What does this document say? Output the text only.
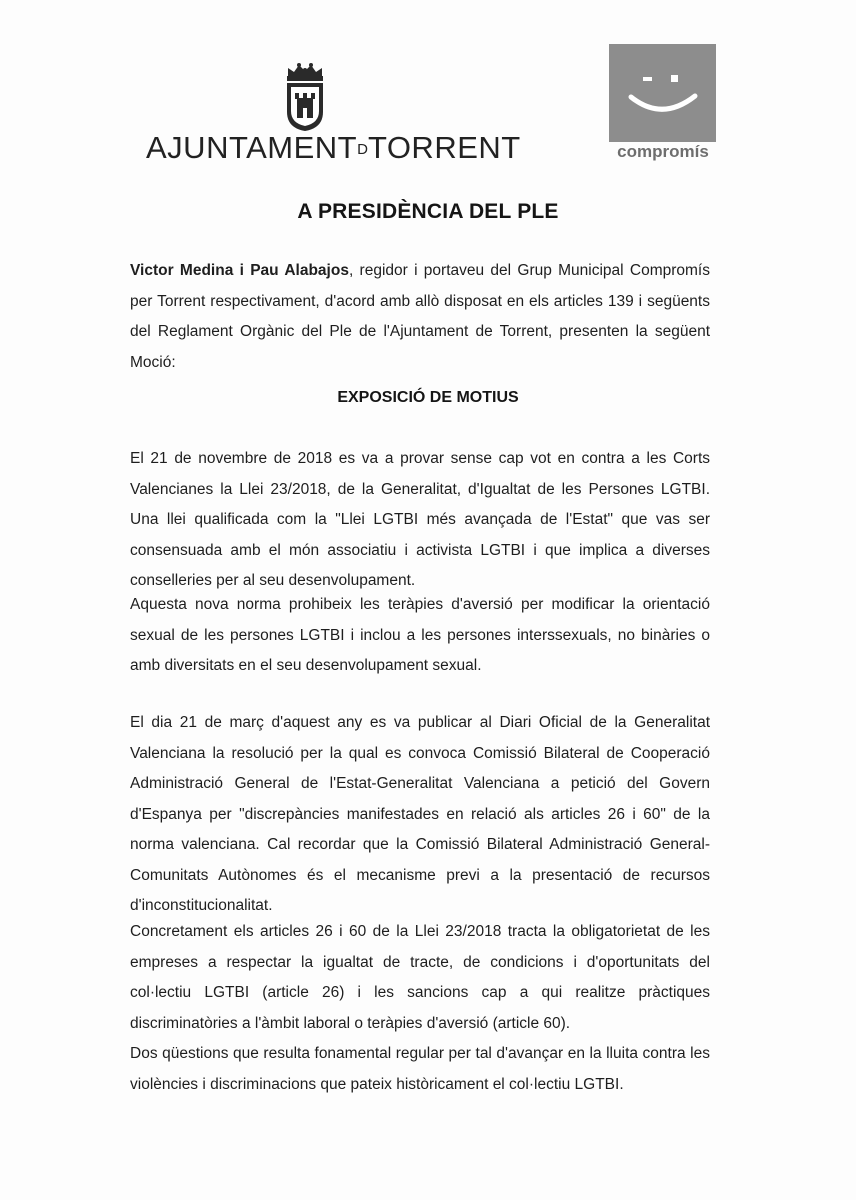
AJUNTAMENTDTORRENT	compromís
A PRESIDÈNCIA DEL PLE
Victor Medina i Pau Alabajos, regidor i portaveu del Grup Municipal Compromís per Torrent respectivament, d'acord amb allò disposat en els articles 139 i següents del Reglament Orgànic del Ple de l'Ajuntament de Torrent, presenten la següent Moció:
EXPOSICIÓ DE MOTIUS
El 21 de novembre de 2018 es va a provar sense cap vot en contra a les Corts Valencianes la Llei 23/2018, de la Generalitat, d'Igualtat de les Persones LGTBI. Una llei qualificada com la "Llei LGTBI més avançada de l'Estat" que vas ser consensuada amb el món associatiu i activista LGTBI i que implica a diverses conselleries per al seu desenvolupament.
Aquesta nova norma prohibeix les teràpies d'aversió per modificar la orientació sexual de les persones LGTBI i inclou a les persones interssexuals, no binàries o amb diversitats en el seu desenvolupament sexual.
El dia 21 de març d'aquest any es va publicar al Diari Oficial de la Generalitat Valenciana la resolució per la qual es convoca Comissió Bilateral de Cooperació Administració General de l'Estat-Generalitat Valenciana a petició del Govern d'Espanya per "discrepàncies manifestades en relació als articles 26 i 60" de la norma valenciana. Cal recordar que la Comissió Bilateral Administració General- Comunitats Autònomes és el mecanisme previ a la presentació de recursos d'inconstitucionalitat.
Concretament els articles 26 i 60 de la Llei 23/2018 tracta la obligatorietat de les empreses a respectar la igualtat de tracte, de condicions i d'oportunitats del col·lectiu LGTBI (article 26) i les sancions cap a qui realitze pràctiques discriminatòries a l'àmbit laboral o teràpies d'aversió (article 60).
Dos qüestions que resulta fonamental regular per tal d'avançar en la lluita contra les violències i discriminacions que pateix històricament el col·lectiu LGTBI.
